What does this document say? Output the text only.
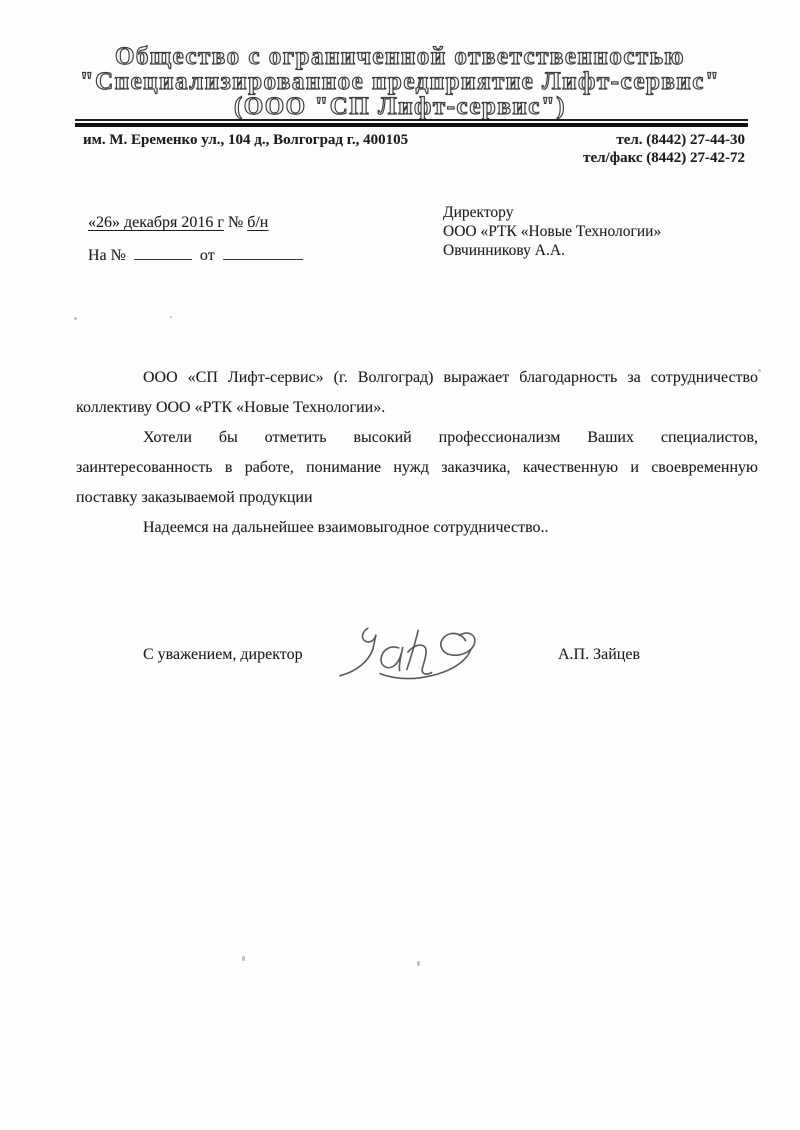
Общество с ограниченной ответственностью
"Специализированное предприятие Лифт-сервис"
(ООО "СП Лифт-сервис")
им. М. Еременко ул., 104 д., Волгоград г., 400105	тел. (8442) 27-44-30
тел/факс (8442) 27-42-72
«26» декабря 2016 г № б/н
На №	от
Директору
ООО «РТК «Новые Технологии»
Овчинникову А.А.
ООО «СП Лифт-сервис» (г. Волгоград) выражает благодарность за сотрудничество
коллективу ООО «РТК «Новые Технологии».
Хотели бы отметить высокий профессионализм Ваших специалистов,
заинтересованность в работе, понимание нужд заказчика, качественную и своевременную
поставку заказываемой продукции
Надеемся на дальнейшее взаимовыгодное сотрудничество..
С уважением, директор	А.П. Зайцев
